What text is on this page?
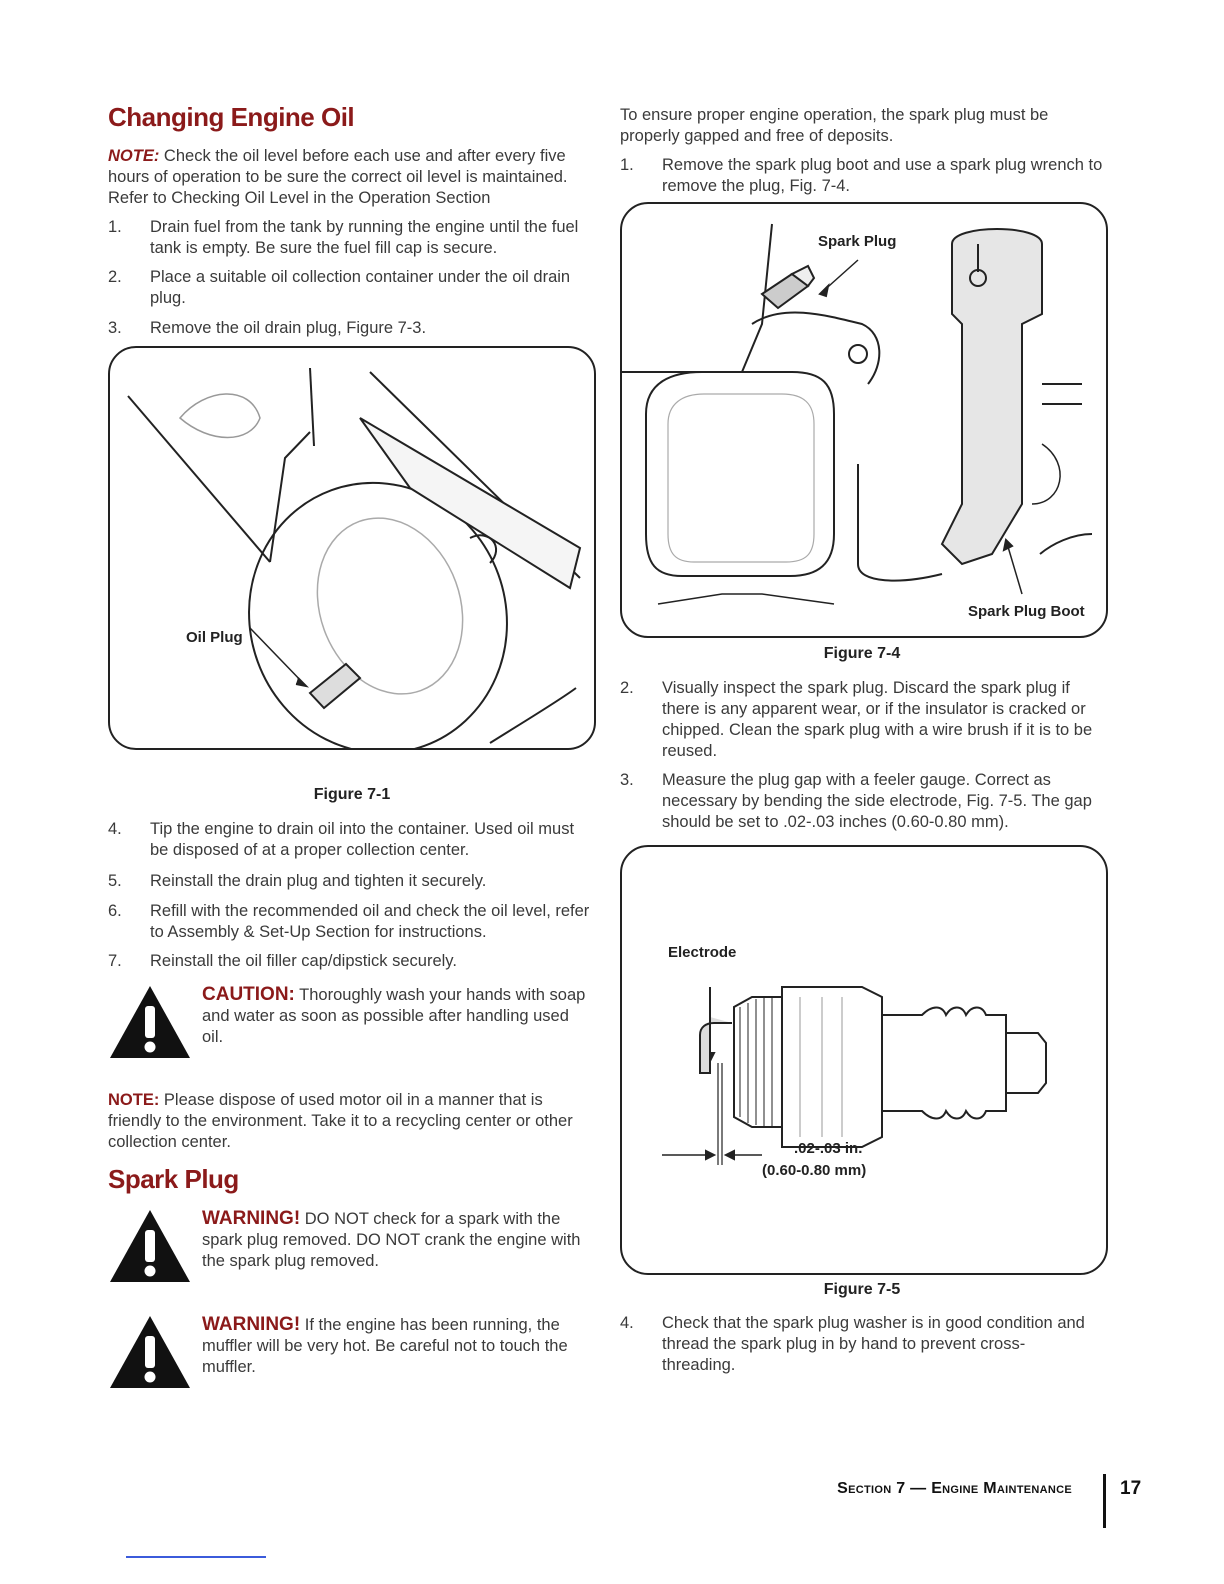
Changing Engine Oil

NOTE: Check the oil level before each use and after every five hours of operation to be sure the correct oil level is maintained. Refer to Checking Oil Level in the Operation Section

1.	Drain fuel from the tank by running the engine until the fuel tank is empty. Be sure the fuel fill cap is secure.
2.	Place a suitable oil collection container under the oil drain plug.
3.	Remove the oil drain plug, Figure 7-3.
Oil Plug
Figure 7-1
4.	Tip the engine to drain oil into the container. Used oil must be disposed of at a proper collection center.
5.	Reinstall the drain plug and tighten it securely.
6.	Refill with the recommended oil and check the oil level, refer to Assembly & Set-Up Section for instructions.
7.	Reinstall the oil filler cap/dipstick securely.
CAUTION: Thoroughly wash your hands with soap and water as soon as possible after handling used oil.

NOTE: Please dispose of used motor oil in a manner that is friendly to the environment. Take it to a recycling center or other collection center.

Spark Plug
WARNING! DO NOT check for a spark with the spark plug removed. DO NOT crank the engine with the spark plug removed.
WARNING! If the engine has been running, the muffler will be very hot. Be careful not to touch the muffler.

To ensure proper engine operation, the spark plug must be properly gapped and free of deposits.

1.	Remove the spark plug boot and use a spark plug wrench to remove the plug, Fig. 7-4.
Spark Plug
Spark Plug Boot
Figure 7-4
2.	Visually inspect the spark plug. Discard the spark plug if there is any apparent wear, or if the insulator is cracked or chipped. Clean the spark plug with a wire brush if it is to be reused.
3.	Measure the plug gap with a feeler gauge. Correct as necessary by bending the side electrode, Fig. 7-5. The gap should be set to .02-.03 inches (0.60-0.80 mm).
Electrode
.02-.03 in.
(0.60-0.80 mm)
Figure 7-5
4.	Check that the spark plug washer is in good condition and thread the spark plug in by hand to prevent cross-threading.
Section 7 — Engine Maintenance	17
